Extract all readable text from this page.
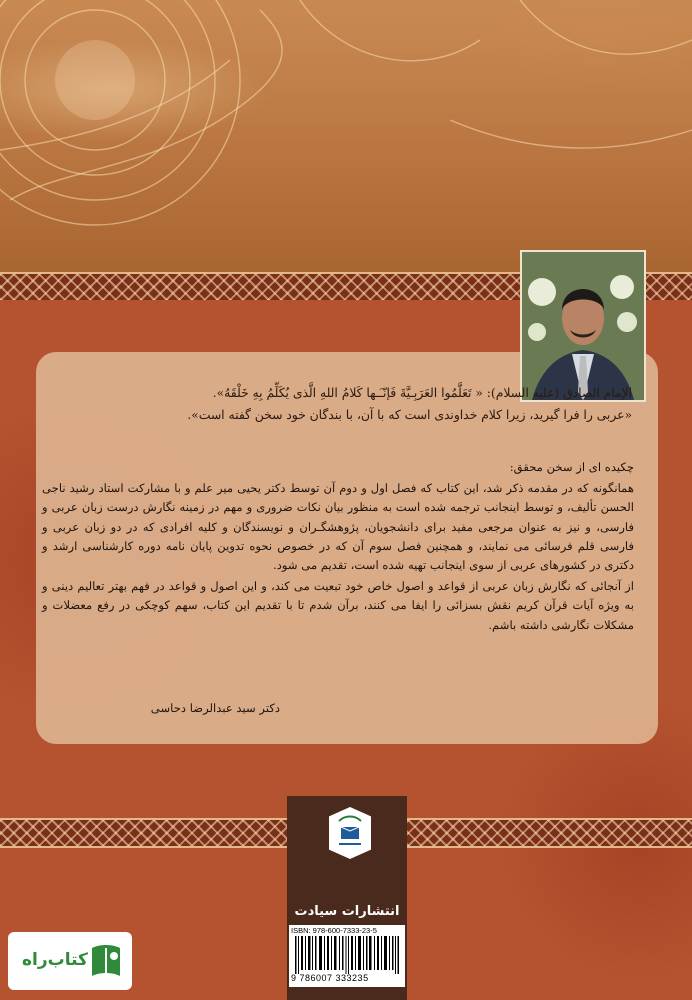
الإمام الصادق (علیه السلام): « تَعَلَّمُوا العَرَبِـیَّةَ فَإنّـَـها کَلامُ اللهِ الَّذی یُکَلِّمُ بِهِ خَلْقَهُ».
«عربی را فرا گیرید، زیرا کلام خداوندی است که با آن، با بندگان خود سخن گفته است».

چکیده ای از سخن محقق:

همانگونه که در مقدمه ذکر شد، این کتاب که فصل اول و دوم آن توسط دکتر یحیی میر علم و با مشارکت استاد رشید ناجی الحسن تألیف، و توسط اینجانب ترجمه شده است به منظور بیان نکات ضروری و مهم در زمینه نگارش درست زبان عربی و فارسی، و نیز به عنوان مرجعی مفید برای دانشجویان، پژوهشگـران و نویسندگان و کلیه افرادی که در دو زبان عربی و فارسی قلم فرسائی می نمایند، و همچنین فصل سوم آن که در خصوص نحوه تدوین پایان نامه دوره کارشناسی ارشد و دکتری در کشورهای عربی از سوی اینجانب تهیه شده است، تقدیم می شود.

از آنجائی که نگارش زبان عربی از قواعد و اصول خاص خود تبعیت می کند، و این اصول و قواعد در فهم بهتر تعالیم دینی و به ویژه آیات قرآن کریم نقش بسزائی را ایفا می کنند، برآن شدم تا با تقدیم این کتاب، سهم کوچکی در رفع معضلات و مشکلات نگارشی داشته باشم.

دکتر سید عبدالرضا دحاسی
انتشارات سیادت
ISBN: 978-600-7333-23-5
9 786007 333235
کتاب‌راه
